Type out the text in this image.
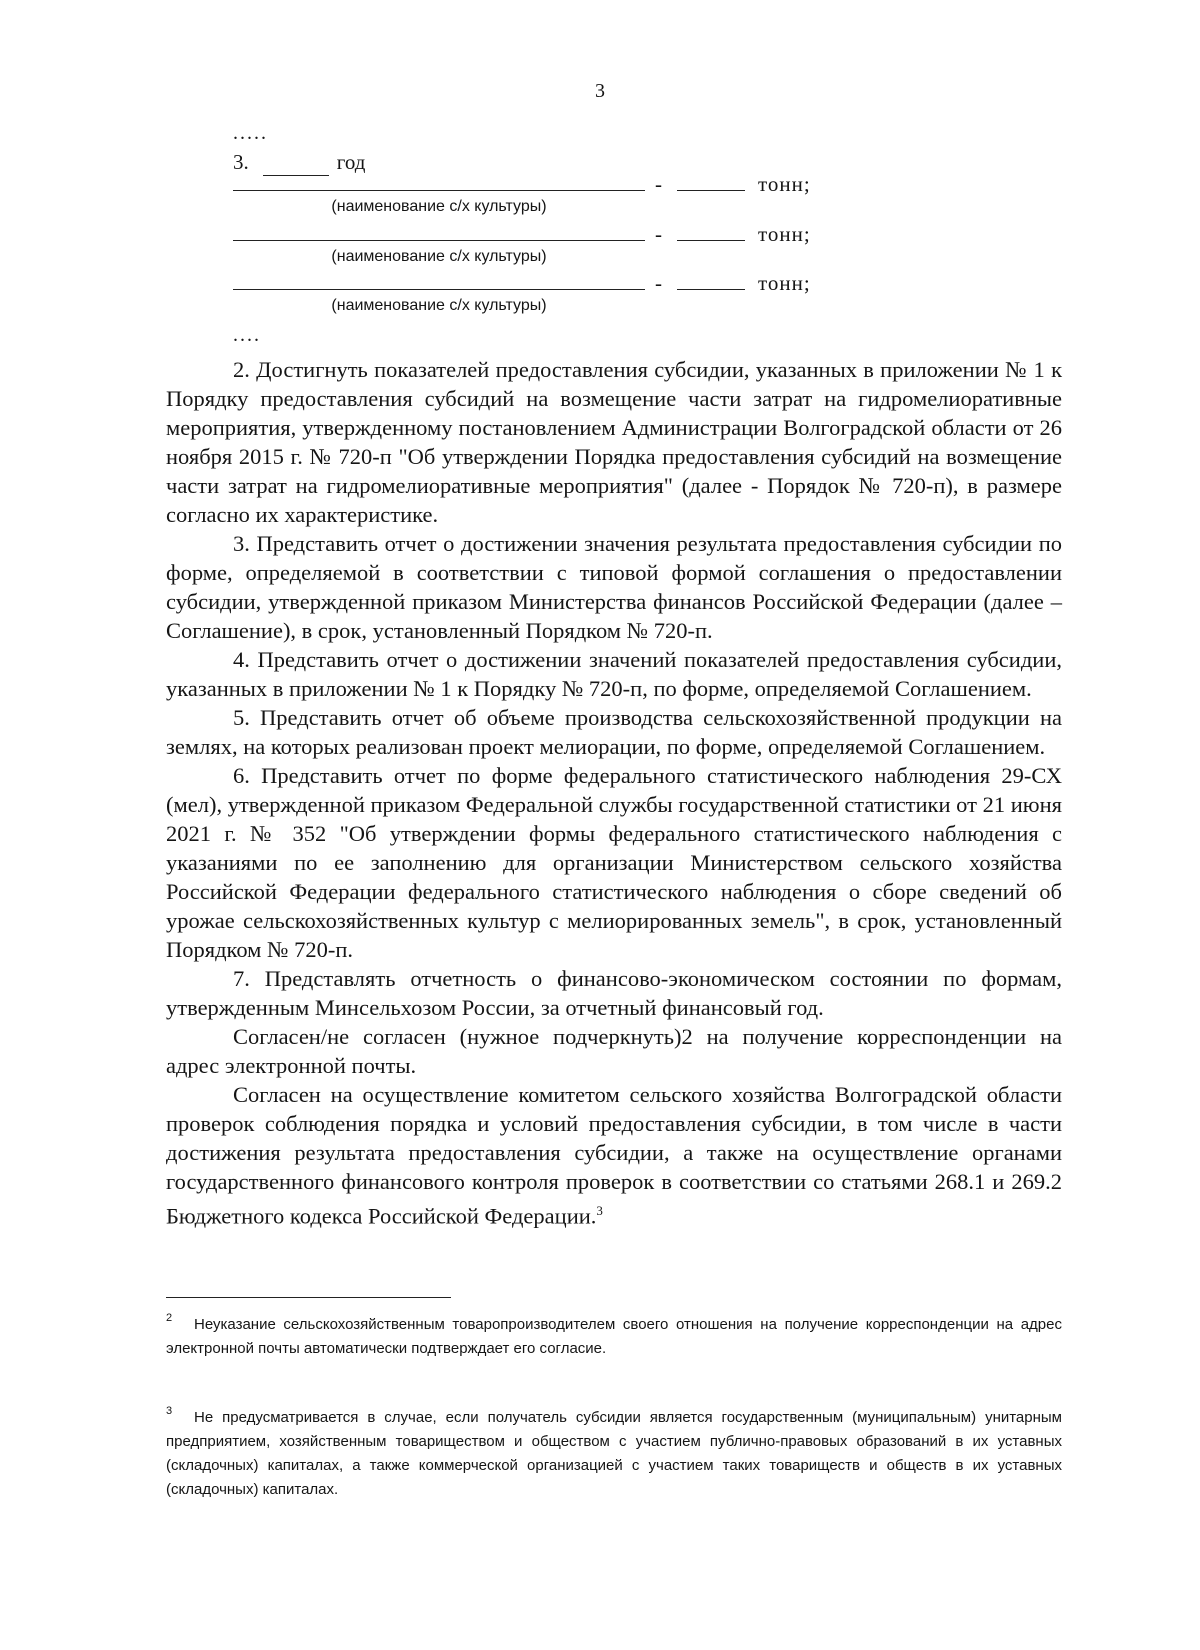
3
.....
3.	год
-	тонн;
(наименование с/х культуры)
-	тонн;
(наименование с/х культуры)
-	тонн;
(наименование с/х культуры)
....

2. Достигнуть показателей предоставления субсидии, указанных в приложении № 1 к Порядку предоставления субсидий на возмещение части затрат на гидромелиоративные мероприятия, утвержденному постановлением Администрации Волгоградской области от 26 ноября 2015 г. № 720-п "Об утверждении Порядка предоставления субсидий на возмещение части затрат на гидромелиоративные мероприятия" (далее - Порядок № 720-п), в размере согласно их характеристике.

3. Представить отчет о достижении значения результата предоставления субсидии по форме, определяемой в соответствии с типовой формой соглашения о предоставлении субсидии, утвержденной приказом Министерства финансов Российской Федерации (далее – Соглашение), в срок, установленный Порядком № 720-п.

4. Представить отчет о достижении значений показателей предоставления субсидии, указанных в приложении № 1 к Порядку № 720-п, по форме, определяемой Соглашением.

5. Представить отчет об объеме производства сельскохозяйственной продукции на землях, на которых реализован проект мелиорации, по форме, определяемой Соглашением.

6. Представить отчет по форме федерального статистического наблюдения 29-СХ (мел), утвержденной приказом Федеральной службы государственной статистики от 21 июня 2021 г. № 352 "Об утверждении формы федерального статистического наблюдения с указаниями по ее заполнению для организации Министерством сельского хозяйства Российской Федерации федерального статистического наблюдения о сборе сведений об урожае сельскохозяйственных культур с мелиорированных земель", в срок, установленный Порядком № 720-п.

7. Представлять отчетность о финансово-экономическом состоянии по формам, утвержденным Минсельхозом России, за отчетный финансовый год.

Согласен/не согласен (нужное подчеркнуть)2 на получение корреспонденции на адрес электронной почты.

Согласен на осуществление комитетом сельского хозяйства Волгоградской области проверок соблюдения порядка и условий предоставления субсидии, в том числе в части достижения результата предоставления субсидии, а также на осуществление органами государственного финансового контроля проверок в соответствии со статьями 268.1 и 269.2 Бюджетного кодекса Российской Федерации.$^3$

2 Неуказание сельскохозяйственным товаропроизводителем своего отношения на получение корреспонденции на адрес электронной почты автоматически подтверждает его согласие.

3 Не предусматривается в случае, если получатель субсидии является государственным (муниципальным) унитарным предприятием, хозяйственным товариществом и обществом с участием публично-правовых образований в их уставных (складочных) капиталах, а также коммерческой организацией с участием таких товариществ и обществ в их уставных (складочных) капиталах.
